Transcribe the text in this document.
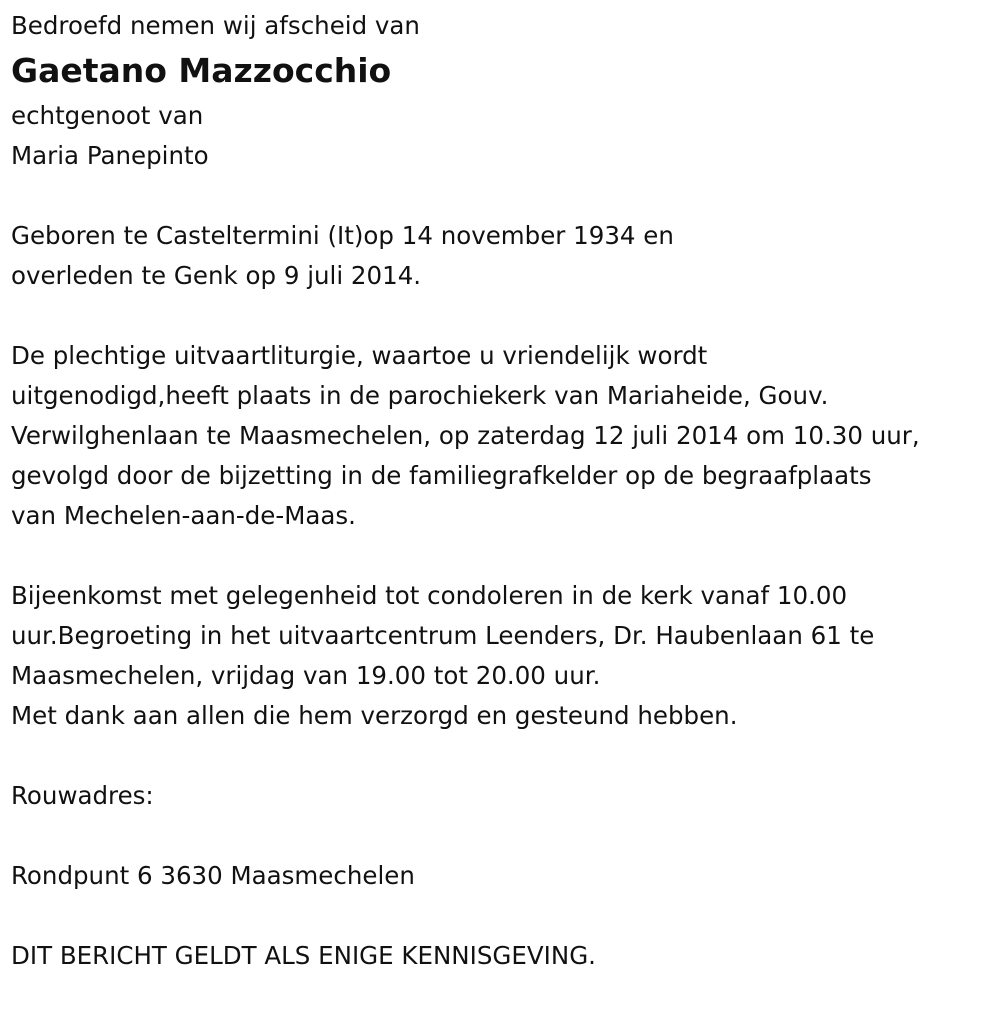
Bedroefd nemen wij afscheid van
Gaetano Mazzocchio
echtgenoot van
Maria Panepinto
Geboren te Casteltermini (It)op 14 november 1934 en
overleden te Genk op 9 juli 2014.
De plechtige uitvaartliturgie, waartoe u vriendelijk wordt
uitgenodigd,heeft plaats in de parochiekerk van Mariaheide, Gouv.
Verwilghenlaan te Maasmechelen, op zaterdag 12 juli 2014 om 10.30 uur,
gevolgd door de bijzetting in de familiegrafkelder op de begraafplaats
van Mechelen-aan-de-Maas.
Bijeenkomst met gelegenheid tot condoleren in de kerk vanaf 10.00
uur.Begroeting in het uitvaartcentrum Leenders, Dr. Haubenlaan 61 te
Maasmechelen, vrijdag van 19.00 tot 20.00 uur.
Met dank aan allen die hem verzorgd en gesteund hebben.
Rouwadres:
Rondpunt 6 3630 Maasmechelen
DIT BERICHT GELDT ALS ENIGE KENNISGEVING.
